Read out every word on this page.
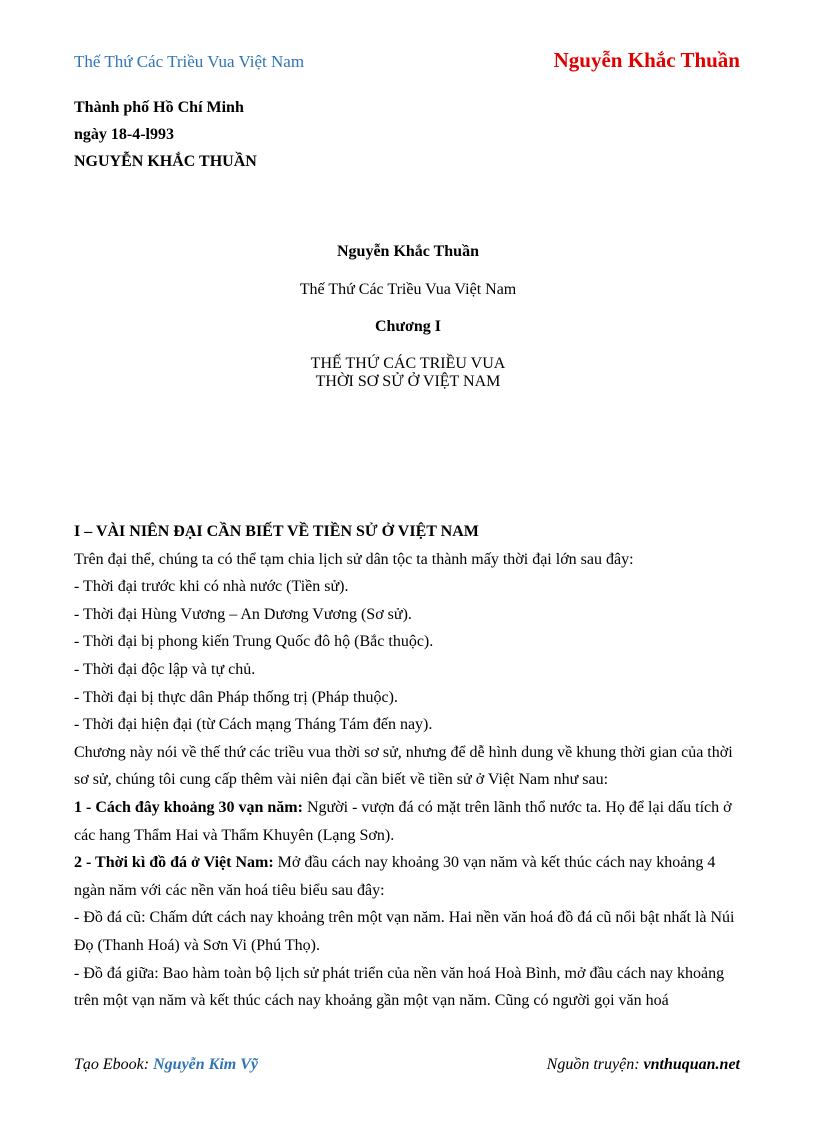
Thế Thứ Các Triều Vua Việt Nam	Nguyễn Khắc Thuần
Thành phố Hồ Chí Minh
ngày 18-4-l993
NGUYỄN KHẮC THUẦN
Nguyễn Khắc Thuần
Thế Thứ Các Triều Vua Việt Nam
Chương I
THẾ THỨ CÁC TRIỀU VUA
THỜI SƠ SỬ Ở VIỆT NAM

I – VÀI NIÊN ĐẠI CẦN BIẾT VỀ TIỀN SỬ Ở VIỆT NAM

Trên đại thể, chúng ta có thể tạm chia lịch sử dân tộc ta thành mấy thời đại lớn sau đây:

- Thời đại trước khi có nhà nước (Tiền sử).

- Thời đại Hùng Vương – An Dương Vương (Sơ sử).

- Thời đại bị phong kiến Trung Quốc đô hộ (Bắc thuộc).

- Thời đại độc lập và tự chủ.

- Thời đại bị thực dân Pháp thống trị (Pháp thuộc).

- Thời đại hiện đại (từ Cách mạng Tháng Tám đến nay).

Chương này nói về thế thứ các triều vua thời sơ sử, nhưng để dễ hình dung về khung thời gian của thời sơ sử, chúng tôi cung cấp thêm vài niên đại cần biết về tiền sử ở Việt Nam như sau:

1 - Cách đây khoảng 30 vạn năm: Người - vượn đá có mặt trên lãnh thổ nước ta. Họ để lại dấu tích ở các hang Thẩm Hai và Thẩm Khuyên (Lạng Sơn).

2 - Thời kì đồ đá ở Việt Nam: Mở đầu cách nay khoảng 30 vạn năm và kết thúc cách nay khoảng 4 ngàn năm với các nền văn hoá tiêu biểu sau đây:

- Đồ đá cũ: Chấm dứt cách nay khoảng trên một vạn năm. Hai nền văn hoá đồ đá cũ nổi bật nhất là Núi Đọ (Thanh Hoá) và Sơn Vi (Phú Thọ).

- Đồ đá giữa: Bao hàm toàn bộ lịch sử phát triển của nền văn hoá Hoà Bình, mở đầu cách nay khoảng trên một vạn năm và kết thúc cách nay khoảng gần một vạn năm. Cũng có người gọi văn hoá

Tạo Ebook: Nguyễn Kim Vỹ	Nguồn truyện: vnthuquan.net
